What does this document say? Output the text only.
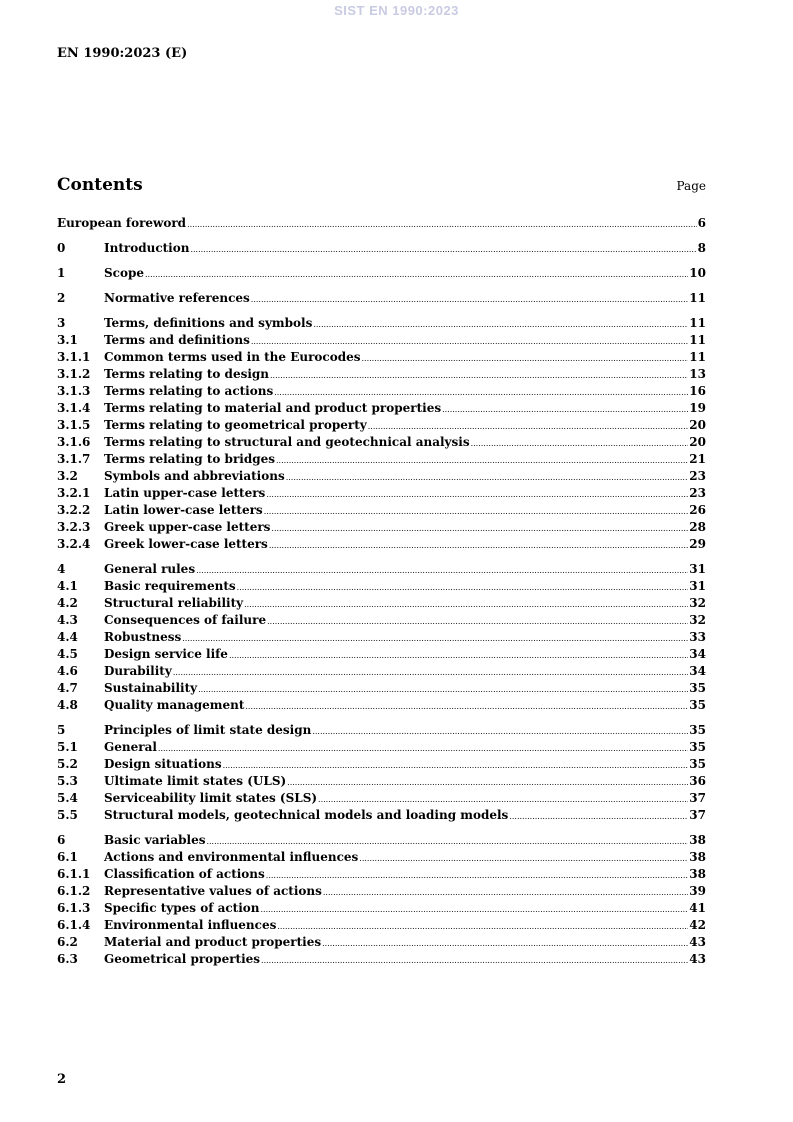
SIST EN 1990:2023
EN 1990:2023 (E)
Contents	Page
European foreword .....	6
0	Introduction .....	8
1	Scope .....	10
2	Normative references .....	11
3	Terms, definitions and symbols .....	11
3.1	Terms and definitions .....	11
3.1.1	Common terms used in the Eurocodes .....	11
3.1.2	Terms relating to design .....	13
3.1.3	Terms relating to actions .....	16
3.1.4	Terms relating to material and product properties .....	19
3.1.5	Terms relating to geometrical property .....	20
3.1.6	Terms relating to structural and geotechnical analysis .....	20
3.1.7	Terms relating to bridges .....	21
3.2	Symbols and abbreviations .....	23
3.2.1	Latin upper-case letters .....	23
3.2.2	Latin lower-case letters .....	26
3.2.3	Greek upper-case letters .....	28
3.2.4	Greek lower-case letters .....	29
4	General rules .....	31
4.1	Basic requirements .....	31
4.2	Structural reliability .....	32
4.3	Consequences of failure .....	32
4.4	Robustness .....	33
4.5	Design service life .....	34
4.6	Durability .....	34
4.7	Sustainability .....	35
4.8	Quality management .....	35
5	Principles of limit state design .....	35
5.1	General .....	35
5.2	Design situations .....	35
5.3	Ultimate limit states (ULS) .....	36
5.4	Serviceability limit states (SLS) .....	37
5.5	Structural models, geotechnical models and loading models .....	37
6	Basic variables .....	38
6.1	Actions and environmental influences .....	38
6.1.1	Classification of actions .....	38
6.1.2	Representative values of actions .....	39
6.1.3	Specific types of action .....	41
6.1.4	Environmental influences .....	42
6.2	Material and product properties .....	43
6.3	Geometrical properties .....	43
2
